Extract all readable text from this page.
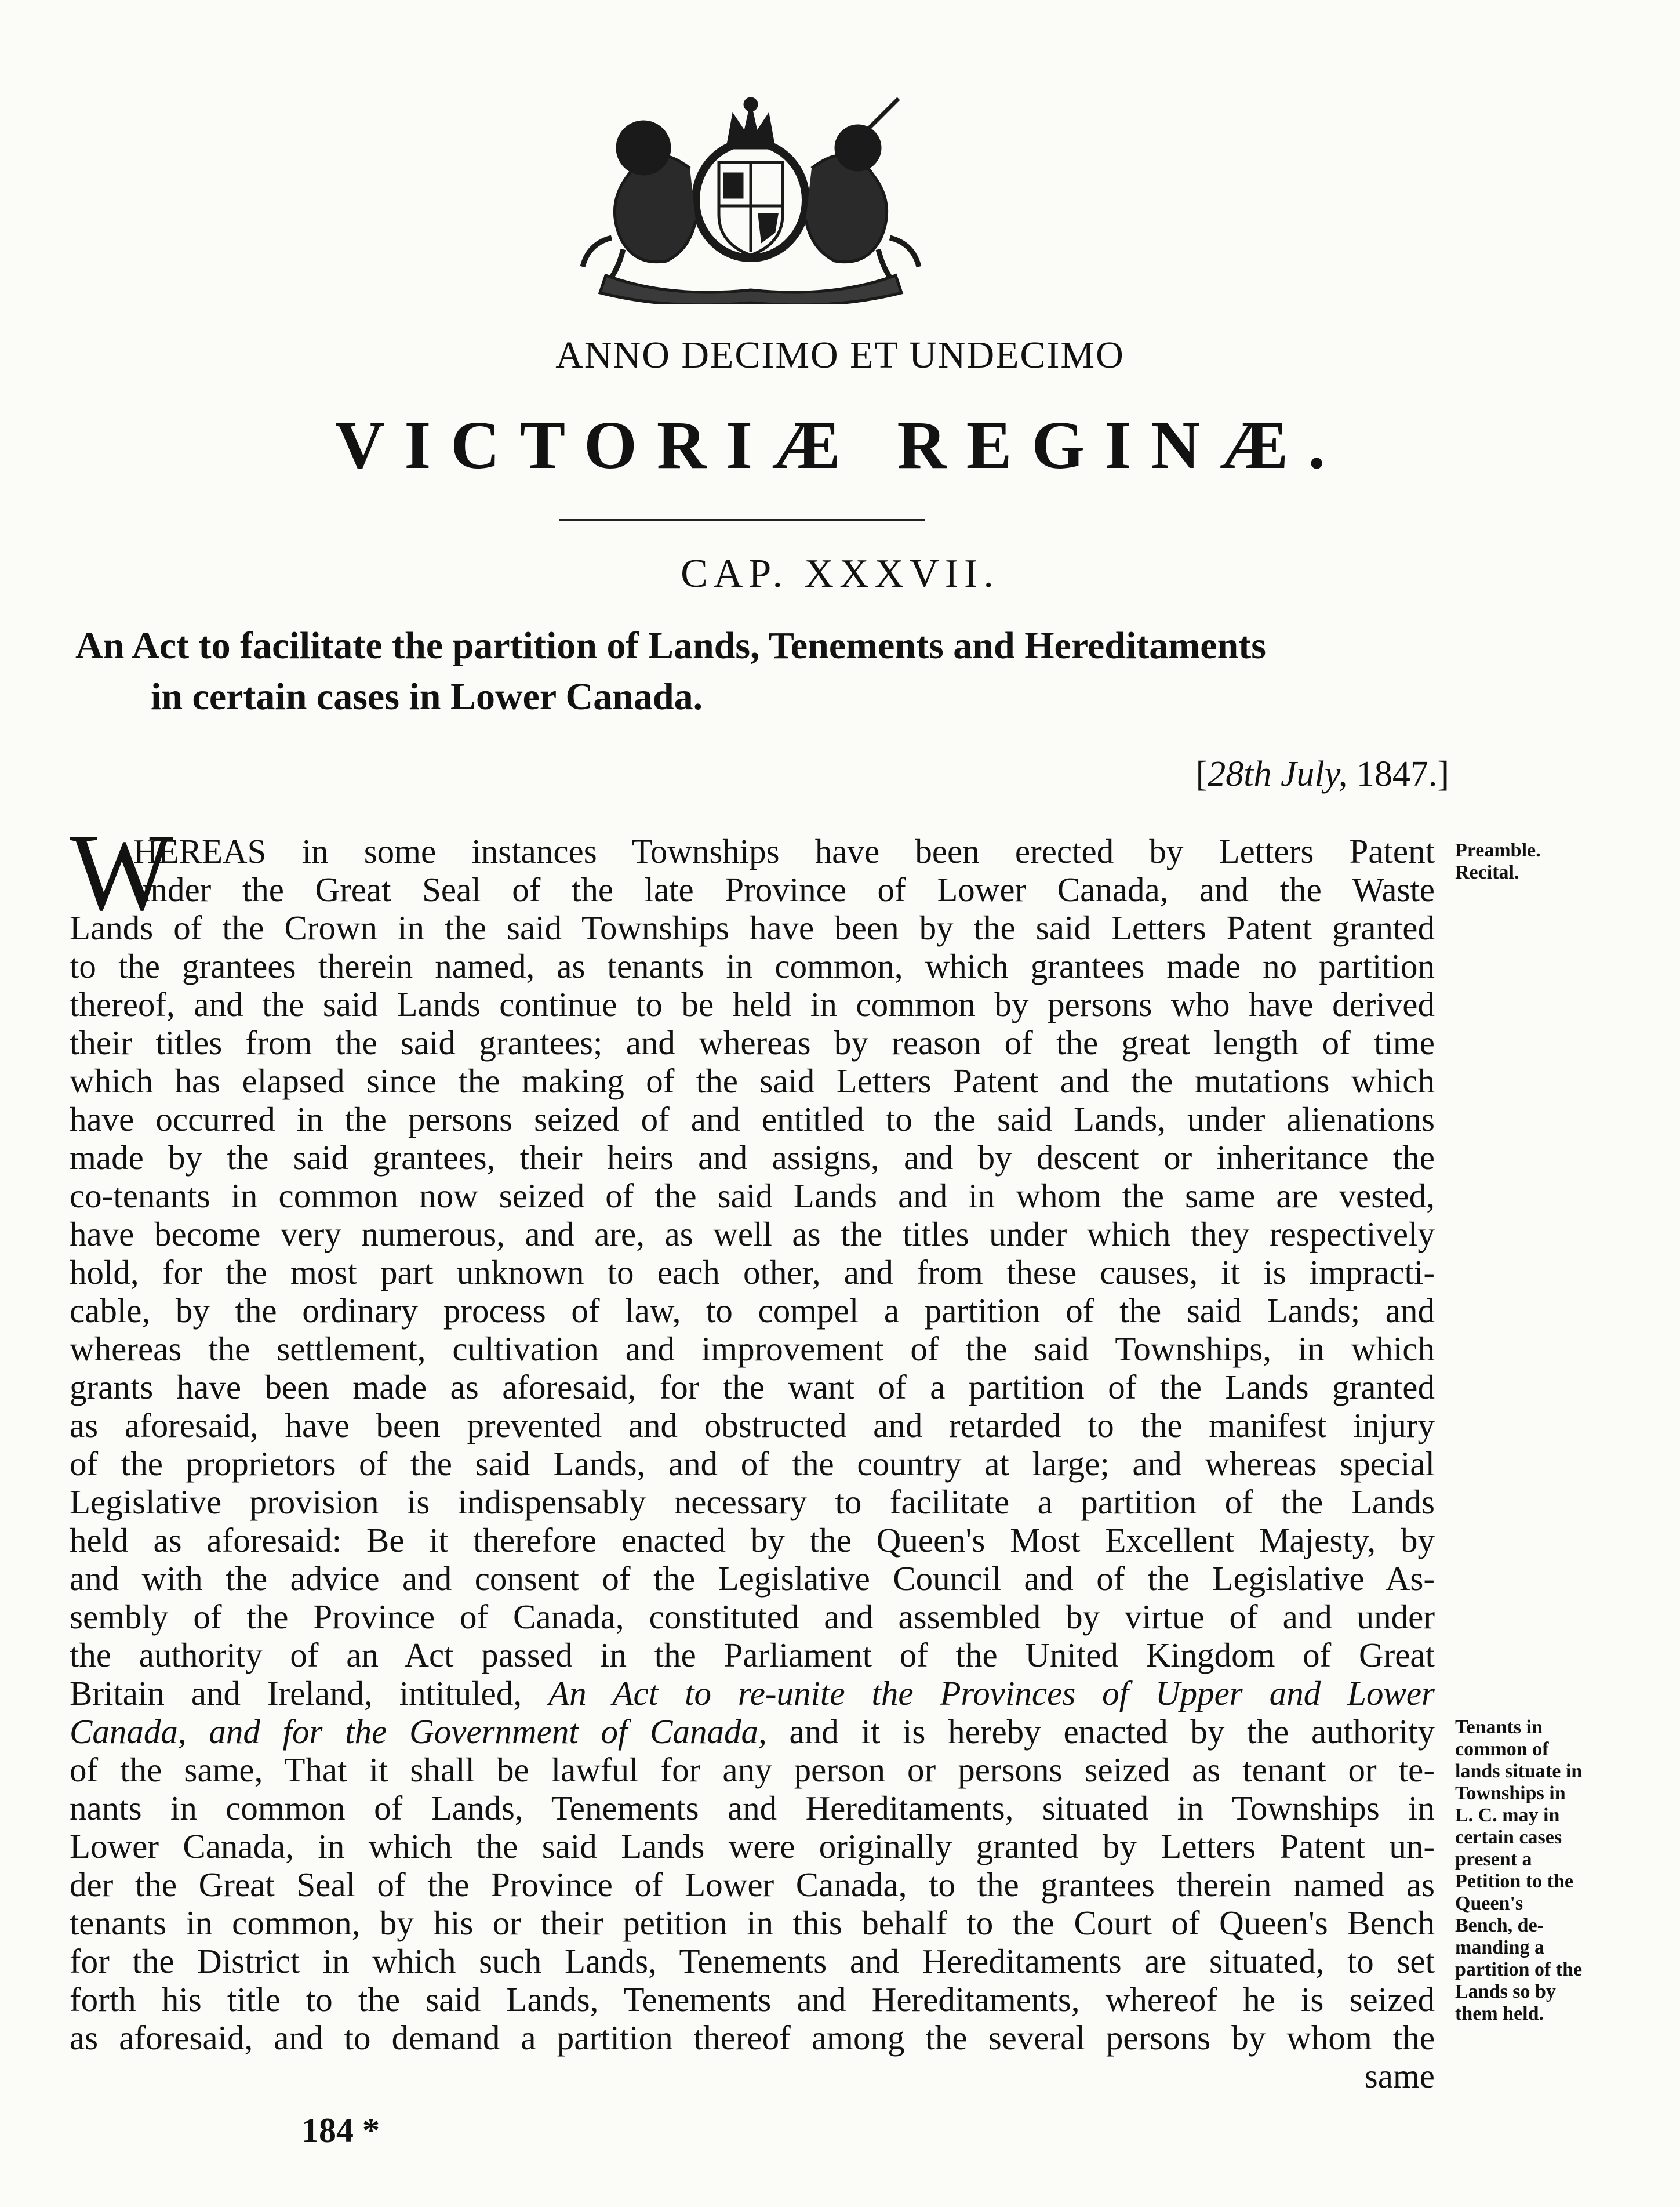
ANNO DECIMO ET UNDECIMO
VICTORIÆ REGINÆ.
CAP. XXXVII.
An Act to facilitate the partition of Lands, Tenements and Hereditaments
in certain cases in Lower Canada.
[28th July, 1847.]
W
HEREAS in some instances Townships have been erected by Letters Patent
under the Great Seal of the late Province of Lower Canada, and the Waste
Lands of the Crown in the said Townships have been by the said Letters Patent granted
to the grantees therein named, as tenants in common, which grantees made no partition
thereof, and the said Lands continue to be held in common by persons who have derived
their titles from the said grantees; and whereas by reason of the great length of time
which has elapsed since the making of the said Letters Patent and the mutations which
have occurred in the persons seized of and entitled to the said Lands, under alienations
made by the said grantees, their heirs and assigns, and by descent or inheritance the
co-tenants in common now seized of the said Lands and in whom the same are vested,
have become very numerous, and are, as well as the titles under which they respectively
hold, for the most part unknown to each other, and from these causes, it is impracti-
cable, by the ordinary process of law, to compel a partition of the said Lands; and
whereas the settlement, cultivation and improvement of the said Townships, in which
grants have been made as aforesaid, for the want of a partition of the Lands granted
as aforesaid, have been prevented and obstructed and retarded to the manifest injury
of the proprietors of the said Lands, and of the country at large; and whereas special
Legislative provision is indispensably necessary to facilitate a partition of the Lands
held as aforesaid: Be it therefore enacted by the Queen's Most Excellent Majesty, by
and with the advice and consent of the Legislative Council and of the Legislative As-
sembly of the Province of Canada, constituted and assembled by virtue of and under
the authority of an Act passed in the Parliament of the United Kingdom of Great
Britain and Ireland, intituled, An Act to re-unite the Provinces of Upper and Lower
Canada, and for the Government of Canada, and it is hereby enacted by the authority
of the same, That it shall be lawful for any person or persons seized as tenant or te-
nants in common of Lands, Tenements and Hereditaments, situated in Townships in
Lower Canada, in which the said Lands were originally granted by Letters Patent un-
der the Great Seal of the Province of Lower Canada, to the grantees therein named as
tenants in common, by his or their petition in this behalf to the Court of Queen's Bench
for the District in which such Lands, Tenements and Hereditaments are situated, to set
forth his title to the said Lands, Tenements and Hereditaments, whereof he is seized
as aforesaid, and to demand a partition thereof among the several persons by whom the
same
Preamble.
Recital.
Tenants in
common of
lands situate in
Townships in
L. C. may in
certain cases
present a
Petition to the
Queen's
Bench, de-
manding a
partition of the
Lands so by
them held.
184 *
